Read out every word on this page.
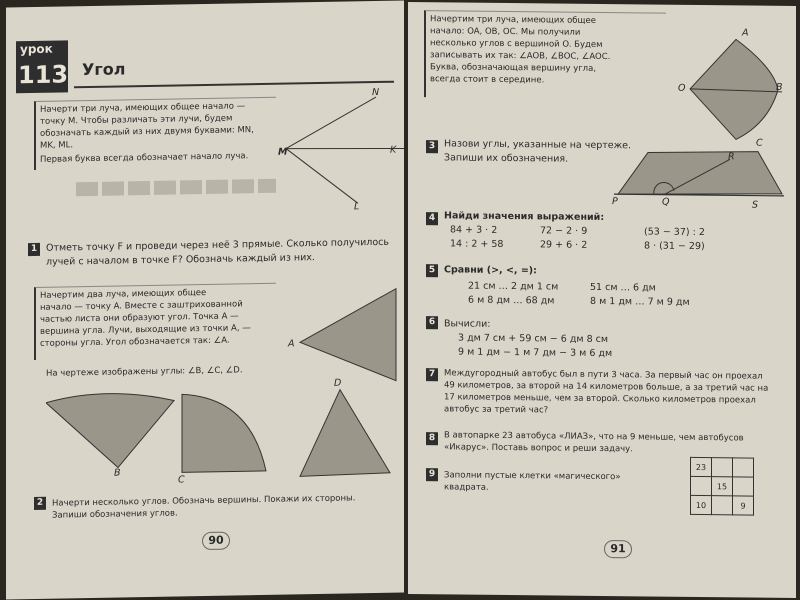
урок
113 Угол
Начерти три луча, имеющих общее начало —
точку M. Чтобы различать эти лучи, будем
обозначать каждый из них двумя буквами: MN,
MK, ML.
Первая буква всегда обозначает начало луча.	M
N
K
L
1 Отметь точку F и проведи через неё 3 прямые. Сколько получилось
лучей с началом в точке F? Обозначь каждый из них.
Начертим два луча, имеющих общее
начало — точку A. Вместе с заштрихованной
частью листа они образуют угол. Точка A —
вершина угла. Лучи, выходящие из точки A, —
стороны угла. Угол обозначается так: ∠A.	A
На чертеже изображены углы: ∠B, ∠C, ∠D.
B
C
D
2	Начерти несколько углов. Обозначь вершины. Покажи их стороны.
Запиши обозначения углов.
90
Начертим три луча, имеющих общее
начало: OA, OB, OC. Мы получили
несколько углов с вершиной O. Будем
записывать их так: ∠AOB, ∠BOC, ∠AOC.
Буква, обозначающая вершину угла,
всегда стоит в середине.
O
A
B
C
3 Назови углы, указанные на чертеже.
Запиши их обозначения.
P	Q
R
S
4 Найди значения выражений:
84 + 3 · 2	72 − 2 · 9	(53 − 37) : 2
14 : 2 + 58	29 + 6 · 2	8 · (31 − 29)
5 Сравни (>, <, =):
21 см … 2 дм 1 см	51 см … 6 дм
6 м 8 дм … 68 дм	8 м 1 дм … 7 м 9 дм
6 Вычисли:
3 дм 7 см + 59 см − 6 дм 8 см
9 м 1 дм − 1 м 7 дм − 3 м 6 дм
7	Междугородный автобус был в пути 3 часа. За первый час он проехал
49 километров, за второй на 14 километров больше, а за третий час на
17 километров меньше, чем за второй. Сколько километров проехал
автобус за третий час?
8	В автопарке 23 автобуса «ЛИАЗ», что на 9 меньше, чем автобусов
«Икарус». Поставь вопрос и реши задачу.
9	Заполни пустые клетки «магического»
квадрата.
23		
	15	
10		9
91
